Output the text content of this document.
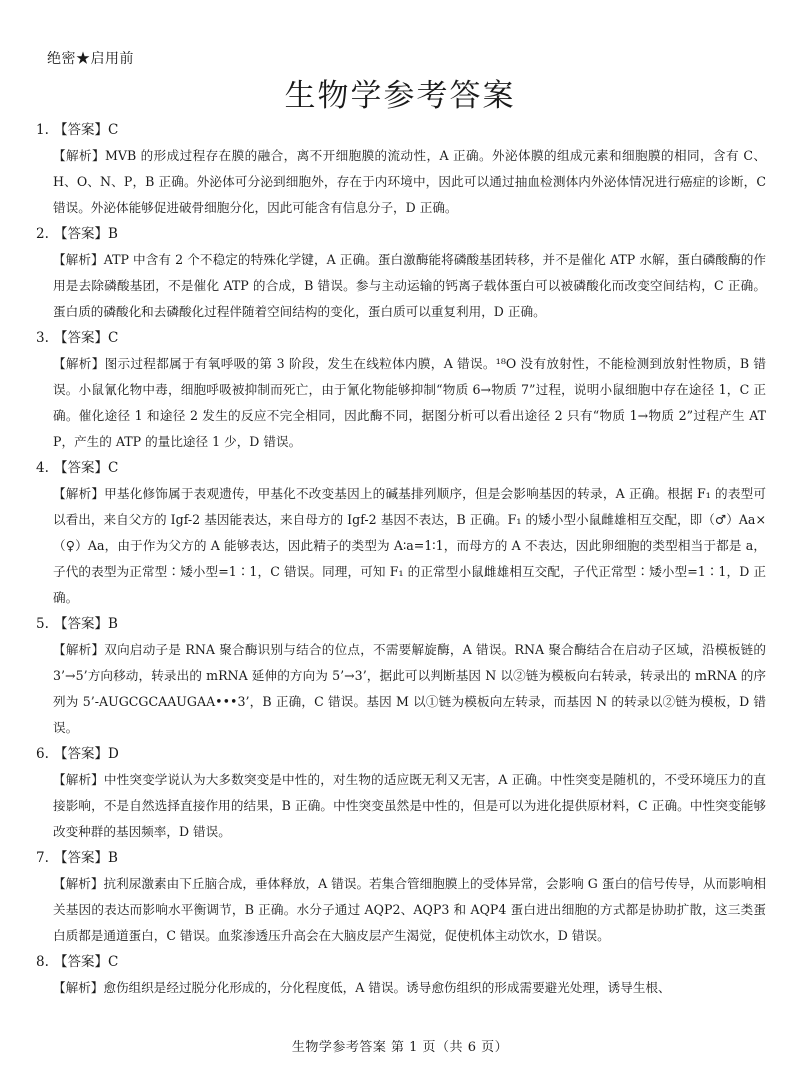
绝密★启用前
生物学参考答案
1. 【答案】C
【解析】MVB 的形成过程存在膜的融合，离不开细胞膜的流动性，A 正确。外泌体膜的组成元素和细胞膜的相同，含有 C、H、O、N、P，B 正确。外泌体可分泌到细胞外，存在于内环境中，因此可以通过抽血检测体内外泌体情况进行癌症的诊断，C 错误。外泌体能够促进破骨细胞分化，因此可能含有信息分子，D 正确。
2. 【答案】B
【解析】ATP 中含有 2 个不稳定的特殊化学键，A 正确。蛋白激酶能将磷酸基团转移，并不是催化 ATP 水解，蛋白磷酸酶的作用是去除磷酸基团，不是催化 ATP 的合成，B 错误。参与主动运输的钙离子载体蛋白可以被磷酸化而改变空间结构，C 正确。蛋白质的磷酸化和去磷酸化过程伴随着空间结构的变化，蛋白质可以重复利用，D 正确。
3. 【答案】C
【解析】图示过程都属于有氧呼吸的第 3 阶段，发生在线粒体内膜，A 错误。¹⁸O 没有放射性，不能检测到放射性物质，B 错误。小鼠氰化物中毒，细胞呼吸被抑制而死亡，由于氰化物能够抑制“物质 6→物质 7”过程，说明小鼠细胞中存在途径 1，C 正确。催化途径 1 和途径 2 发生的反应不完全相同，因此酶不同，据图分析可以看出途径 2 只有“物质 1→物质 2”过程产生 ATP，产生的 ATP 的量比途径 1 少，D 错误。
4. 【答案】C
【解析】甲基化修饰属于表观遗传，甲基化不改变基因上的碱基排列顺序，但是会影响基因的转录，A 正确。根据 F₁ 的表型可以看出，来自父方的 Igf-2 基因能表达，来自母方的 Igf-2 基因不表达，B 正确。F₁ 的矮小型小鼠雌雄相互交配，即（♂）Aa×（♀）Aa，由于作为父方的 A 能够表达，因此精子的类型为 A∶a=1∶1，而母方的 A 不表达，因此卵细胞的类型相当于都是 a，子代的表型为正常型∶矮小型=1∶1，C 错误。同理，可知 F₁ 的正常型小鼠雌雄相互交配，子代正常型∶矮小型=1∶1，D 正确。
5. 【答案】B
【解析】双向启动子是 RNA 聚合酶识别与结合的位点，不需要解旋酶，A 错误。RNA 聚合酶结合在启动子区域，沿模板链的 3’→5’方向移动，转录出的 mRNA 延伸的方向为 5’→3’，据此可以判断基因 N 以②链为模板向右转录，转录出的 mRNA 的序列为 5’-AUGCGCAAUGAA•••3’，B 正确，C 错误。基因 M 以①链为模板向左转录，而基因 N 的转录以②链为模板，D 错误。
6. 【答案】D
【解析】中性突变学说认为大多数突变是中性的，对生物的适应既无利又无害，A 正确。中性突变是随机的，不受环境压力的直接影响，不是自然选择直接作用的结果，B 正确。中性突变虽然是中性的，但是可以为进化提供原材料，C 正确。中性突变能够改变种群的基因频率，D 错误。
7. 【答案】B
【解析】抗利尿激素由下丘脑合成，垂体释放，A 错误。若集合管细胞膜上的受体异常，会影响 G 蛋白的信号传导，从而影响相关基因的表达而影响水平衡调节，B 正确。水分子通过 AQP2、AQP3 和 AQP4 蛋白进出细胞的方式都是协助扩散，这三类蛋白质都是通道蛋白，C 错误。血浆渗透压升高会在大脑皮层产生渴觉，促使机体主动饮水，D 错误。
8. 【答案】C
【解析】愈伤组织是经过脱分化形成的，分化程度低，A 错误。诱导愈伤组织的形成需要避光处理，诱导生根、
生物学参考答案 第 1 页（共 6 页）
